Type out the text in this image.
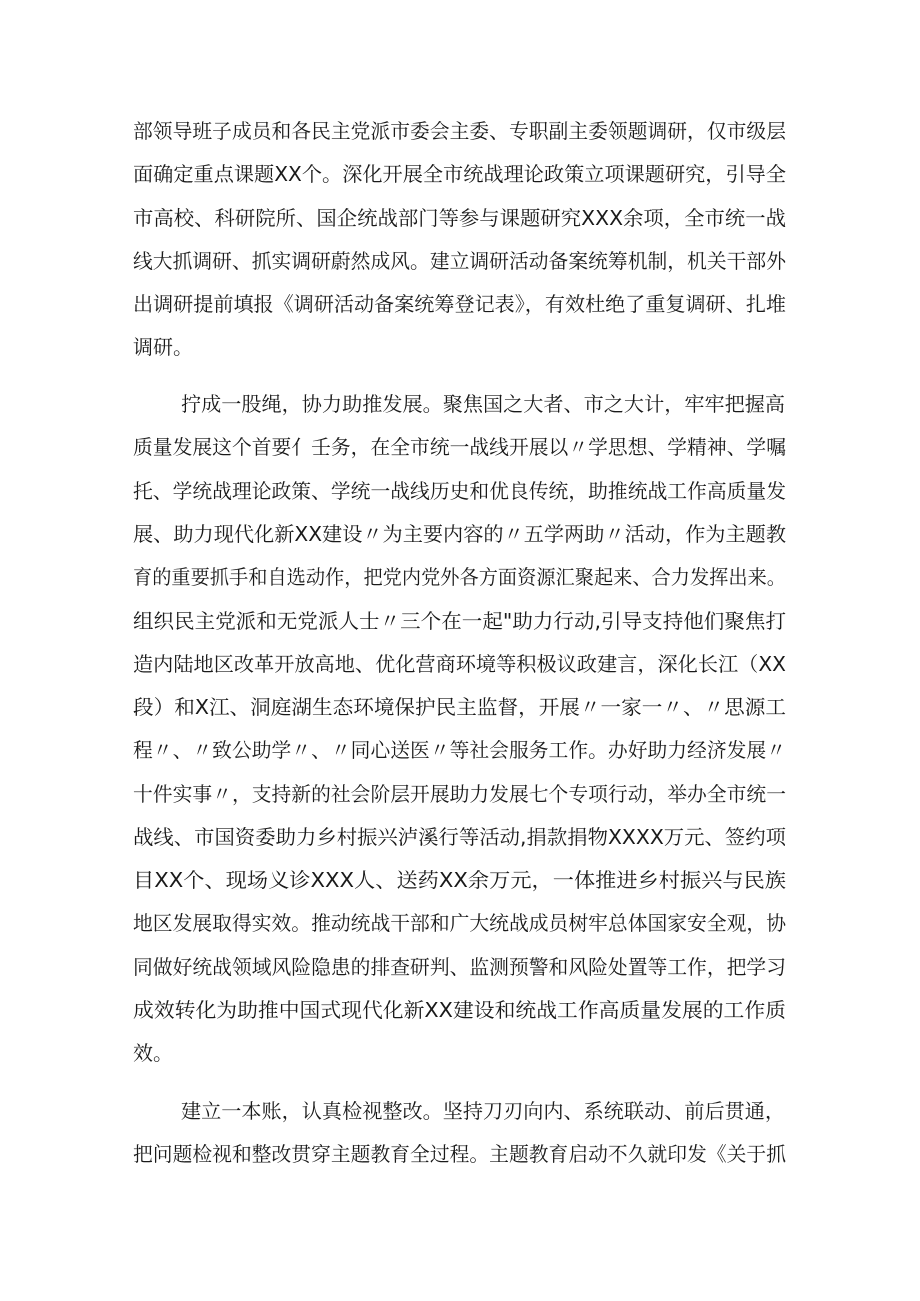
部领导班子成员和各民主党派市委会主委、专职副主委领题调研，仅市级层
面确定重点课题XX个。深化开展全市统战理论政策立项课题研究，引导全
市高校、科研院所、国企统战部门等参与课题研究XXX余项，全市统一战
线大抓调研、抓实调研蔚然成风。建立调研活动备案统筹机制，机关干部外
出调研提前填报《调研活动备案统筹登记表》，有效杜绝了重复调研、扎堆
调研。
拧成一股绳，协力助推发展。聚焦国之大者、市之大计，牢牢把握高
质量发展这个首要亻壬务，在全市统一战线开展以〃学思想、学精神、学嘱
托、学统战理论政策、学统一战线历史和优良传统，助推统战工作高质量发
展、助力现代化新XX建设〃为主要内容的〃五学两助〃活动，作为主题教
育的重要抓手和自选动作，把党内党外各方面资源汇聚起来、合力发挥出来。
组织民主党派和无党派人士〃三个在一起"助力行动,引导支持他们聚焦打
造内陆地区改革开放高地、优化营商环境等积极议政建言，深化长江（XX
段）和X江、洞庭湖生态环境保护民主监督，开展〃一家一〃、〃思源工
程〃、〃致公助学〃、〃同心送医〃等社会服务工作。办好助力经济发展〃
十件实事〃，支持新的社会阶层开展助力发展七个专项行动，举办全市统一
战线、市国资委助力乡村振兴泸溪行等活动,捐款捐物XXXX万元、签约项
目XX个、现场义诊XXX人、送药XX余万元，一体推进乡村振兴与民族
地区发展取得实效。推动统战干部和广大统战成员树牢总体国家安全观，协
同做好统战领域风险隐患的排查研判、监测预警和风险处置等工作，把学习
成效转化为助推中国式现代化新XX建设和统战工作高质量发展的工作质
效。
建立一本账，认真检视整改。坚持刀刃向内、系统联动、前后贯通，
把问题检视和整改贯穿主题教育全过程。主题教育启动不久就印发《关于抓
